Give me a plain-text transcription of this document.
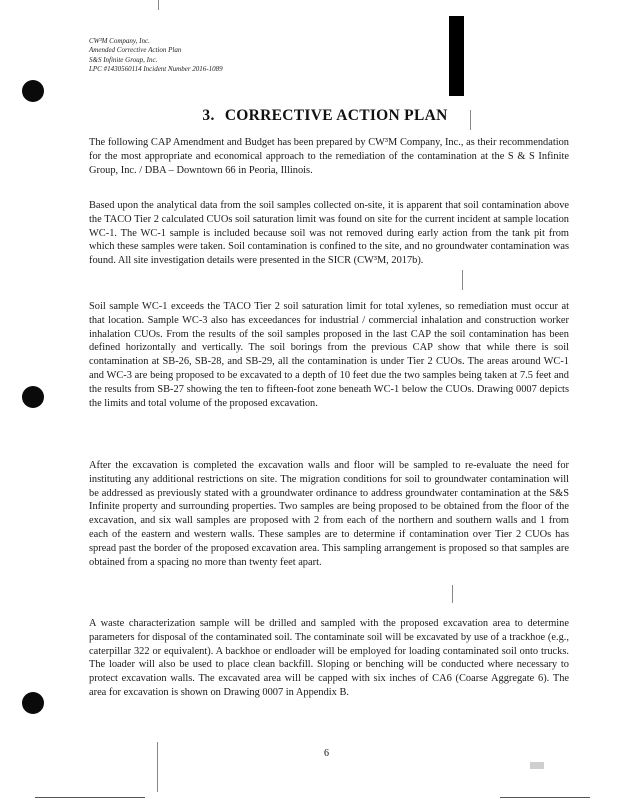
CW³M Company, Inc.
Amended Corrective Action Plan
S&S Infinite Group, Inc.
LPC #1430560114 Incident Number 2016-1089
3. CORRECTIVE ACTION PLAN

The following CAP Amendment and Budget has been prepared by CW³M Company, Inc., as their recommendation for the most appropriate and economical approach to the remediation of the contamination at the S & S Infinite Group, Inc. / DBA – Downtown 66 in Peoria, Illinois.

Based upon the analytical data from the soil samples collected on-site, it is apparent that soil contamination above the TACO Tier 2 calculated CUOs soil saturation limit was found on site for the current incident at sample location WC-1. The WC-1 sample is included because soil was not removed during early action from the tank pit from which these samples were taken. Soil contamination is confined to the site, and no groundwater contamination was found. All site investigation details were presented in the SICR (CW³M, 2017b).

Soil sample WC-1 exceeds the TACO Tier 2 soil saturation limit for total xylenes, so remediation must occur at that location. Sample WC-3 also has exceedances for industrial / commercial inhalation and construction worker inhalation CUOs. From the results of the soil samples proposed in the last CAP the soil contamination has been defined horizontally and vertically. The soil borings from the previous CAP show that while there is soil contamination at SB-26, SB-28, and SB-29, all the contamination is under Tier 2 CUOs. The areas around WC-1 and WC-3 are being proposed to be excavated to a depth of 10 feet due the two samples being taken at 7.5 feet and the results from SB-27 showing the ten to fifteen-foot zone beneath WC-1 below the CUOs. Drawing 0007 depicts the limits and total volume of the proposed excavation.

After the excavation is completed the excavation walls and floor will be sampled to re-evaluate the need for instituting any additional restrictions on site. The migration conditions for soil to groundwater contamination will be addressed as previously stated with a groundwater ordinance to address groundwater contamination at the S&S Infinite property and surrounding properties. Two samples are being proposed to be obtained from the floor of the excavation, and six wall samples are proposed with 2 from each of the northern and southern walls and 1 from each of the eastern and western walls. These samples are to determine if contamination over Tier 2 CUOs has spread past the border of the proposed excavation area. This sampling arrangement is proposed so that samples are obtained from a spacing no more than twenty feet apart.

A waste characterization sample will be drilled and sampled with the proposed excavation area to determine parameters for disposal of the contaminated soil. The contaminate soil will be excavated by use of a trackhoe (e.g., caterpillar 322 or equivalent). A backhoe or endloader will be employed for loading contaminated soil onto trucks. The loader will also be used to place clean backfill. Sloping or benching will be conducted where necessary to protect excavation walls. The excavated area will be capped with six inches of CA6 (Coarse Aggregate 6). The area for excavation is shown on Drawing 0007 in Appendix B.

6
